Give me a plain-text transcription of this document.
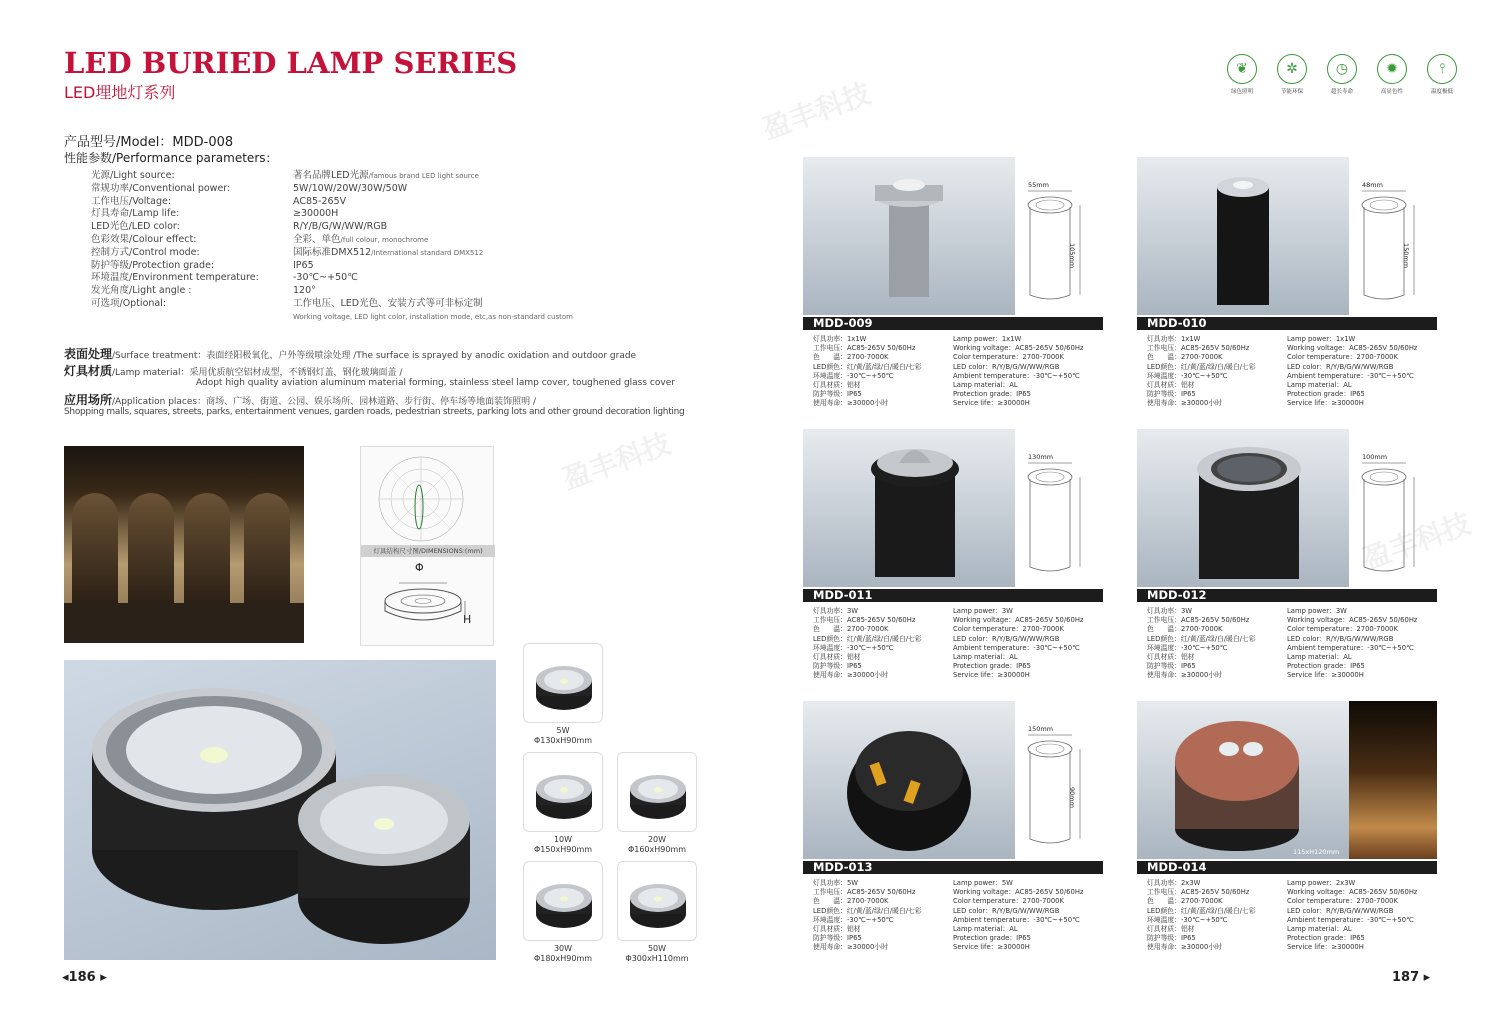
盈丰科技
盈丰科技
盈丰科技
LED BURIED LAMP SERIES
LED埋地灯系列
产品型号/Model：MDD-008
性能参数/Performance parameters：
光源/Light source:	著名品牌LED光源/famous brand LED light source
常规功率/Conventional power:	5W/10W/20W/30W/50W
工作电压/Voltage:	AC85-265V
灯具寿命/Lamp life:	≥30000H
LED光色/LED color:	R/Y/B/G/W/WW/RGB
色彩效果/Colour effect:	全彩、单色/full colour, monochrome
控制方式/Control mode:	国际标准DMX512/International standard DMX512
防护等级/Protection grade:	IP65
环境温度/Environment temperature:	-30℃~+50℃
发光角度/Light angle :	120°
可选项/Optional:	工作电压、LED光色、安装方式等可非标定制
Working voltage, LED light color, installation mode, etc,as non-standard custom
表面处理/Surface treatment：表面经阳极氧化、户外等级喷涂处理 /The surface is sprayed by anodic oxidation and outdoor grade
灯具材质/Lamp material：采用优质航空铝材成型，不锈钢灯盖，钢化玻璃面盖 /
Adopt high quality aviation aluminum material forming, stainless steel lamp cover, toughened glass cover
应用场所/Application places：商场、广场、街道、公园、娱乐场所、园林道路、步行街、停车场等地面装饰照明 /
Shopping malls, squares, streets, parks, entertainment venues, garden roads, pedestrian streets, parking lots and other ground decoration lighting
灯具结构尺寸图/DIMENSIONS:(mm)
Φ
H
5W
Φ130xH90mm
10W
Φ150xH90mm
20W
Φ160xH90mm
30W
Φ180xH90mm
50W
Φ300xH110mm
◂186 ▸
❦
绿色照明
✲
节能环保
◷
超长寿命
✹
高显色性
⫯
温度极低
55mm
105mm
MDD-009
灯具功率：1x1W
工作电压：AC85-265V 50/60Hz
色　　温：2700-7000K
LED颜色：红/黄/蓝/绿/白/暖白/七彩
环境温度：-30℃~+50℃
灯具材质：铝材
防护等级：IP65
使用寿命：≥30000小时
Lamp power：1x1W
Working voltage：AC85-265V 50/60Hz
Color temperature：2700-7000K
LED color：R/Y/B/G/W/WW/RGB
Ambient temperature：-30℃~+50℃
Lamp material：AL
Protection grade：IP65
Service life：≥30000H
48mm
150mm
MDD-010
灯具功率：1x1W
工作电压：AC85-265V 50/60Hz
色　　温：2700-7000K
LED颜色：红/黄/蓝/绿/白/暖白/七彩
环境温度：-30℃~+50℃
灯具材质：铝材
防护等级：IP65
使用寿命：≥30000小时
Lamp power：1x1W
Working voltage：AC85-265V 50/60Hz
Color temperature：2700-7000K
LED color：R/Y/B/G/W/WW/RGB
Ambient temperature：-30℃~+50℃
Lamp material：AL
Protection grade：IP65
Service life：≥30000H
130mm
MDD-011
灯具功率：3W
工作电压：AC85-265V 50/60Hz
色　　温：2700-7000K
LED颜色：红/黄/蓝/绿/白/暖白/七彩
环境温度：-30℃~+50℃
灯具材质：铝材
防护等级：IP65
使用寿命：≥30000小时
Lamp power：3W
Working voltage：AC85-265V 50/60Hz
Color temperature：2700-7000K
LED color：R/Y/B/G/W/WW/RGB
Ambient temperature：-30℃~+50℃
Lamp material：AL
Protection grade：IP65
Service life：≥30000H
100mm
MDD-012
灯具功率：3W
工作电压：AC85-265V 50/60Hz
色　　温：2700-7000K
LED颜色：红/黄/蓝/绿/白/暖白/七彩
环境温度：-30℃~+50℃
灯具材质：铝材
防护等级：IP65
使用寿命：≥30000小时
Lamp power：3W
Working voltage：AC85-265V 50/60Hz
Color temperature：2700-7000K
LED color：R/Y/B/G/W/WW/RGB
Ambient temperature：-30℃~+50℃
Lamp material：AL
Protection grade：IP65
Service life：≥30000H
150mm
90mm
MDD-013
灯具功率：5W
工作电压：AC85-265V 50/60Hz
色　　温：2700-7000K
LED颜色：红/黄/蓝/绿/白/暖白/七彩
环境温度：-30℃~+50℃
灯具材质：铝材
防护等级：IP65
使用寿命：≥30000小时
Lamp power：5W
Working voltage：AC85-265V 50/60Hz
Color temperature：2700-7000K
LED color：R/Y/B/G/W/WW/RGB
Ambient temperature：-30℃~+50℃
Lamp material：AL
Protection grade：IP65
Service life：≥30000H
115xH120mm
MDD-014
灯具功率：2x3W
工作电压：AC85-265V 50/60Hz
色　　温：2700-7000K
LED颜色：红/黄/蓝/绿/白/暖白/七彩
环境温度：-30℃~+50℃
灯具材质：铝材
防护等级：IP65
使用寿命：≥30000小时
Lamp power：2x3W
Working voltage：AC85-265V 50/60Hz
Color temperature：2700-7000K
LED color：R/Y/B/G/W/WW/RGB
Ambient temperature：-30℃~+50℃
Lamp material：AL
Protection grade：IP65
Service life：≥30000H
187 ▸
